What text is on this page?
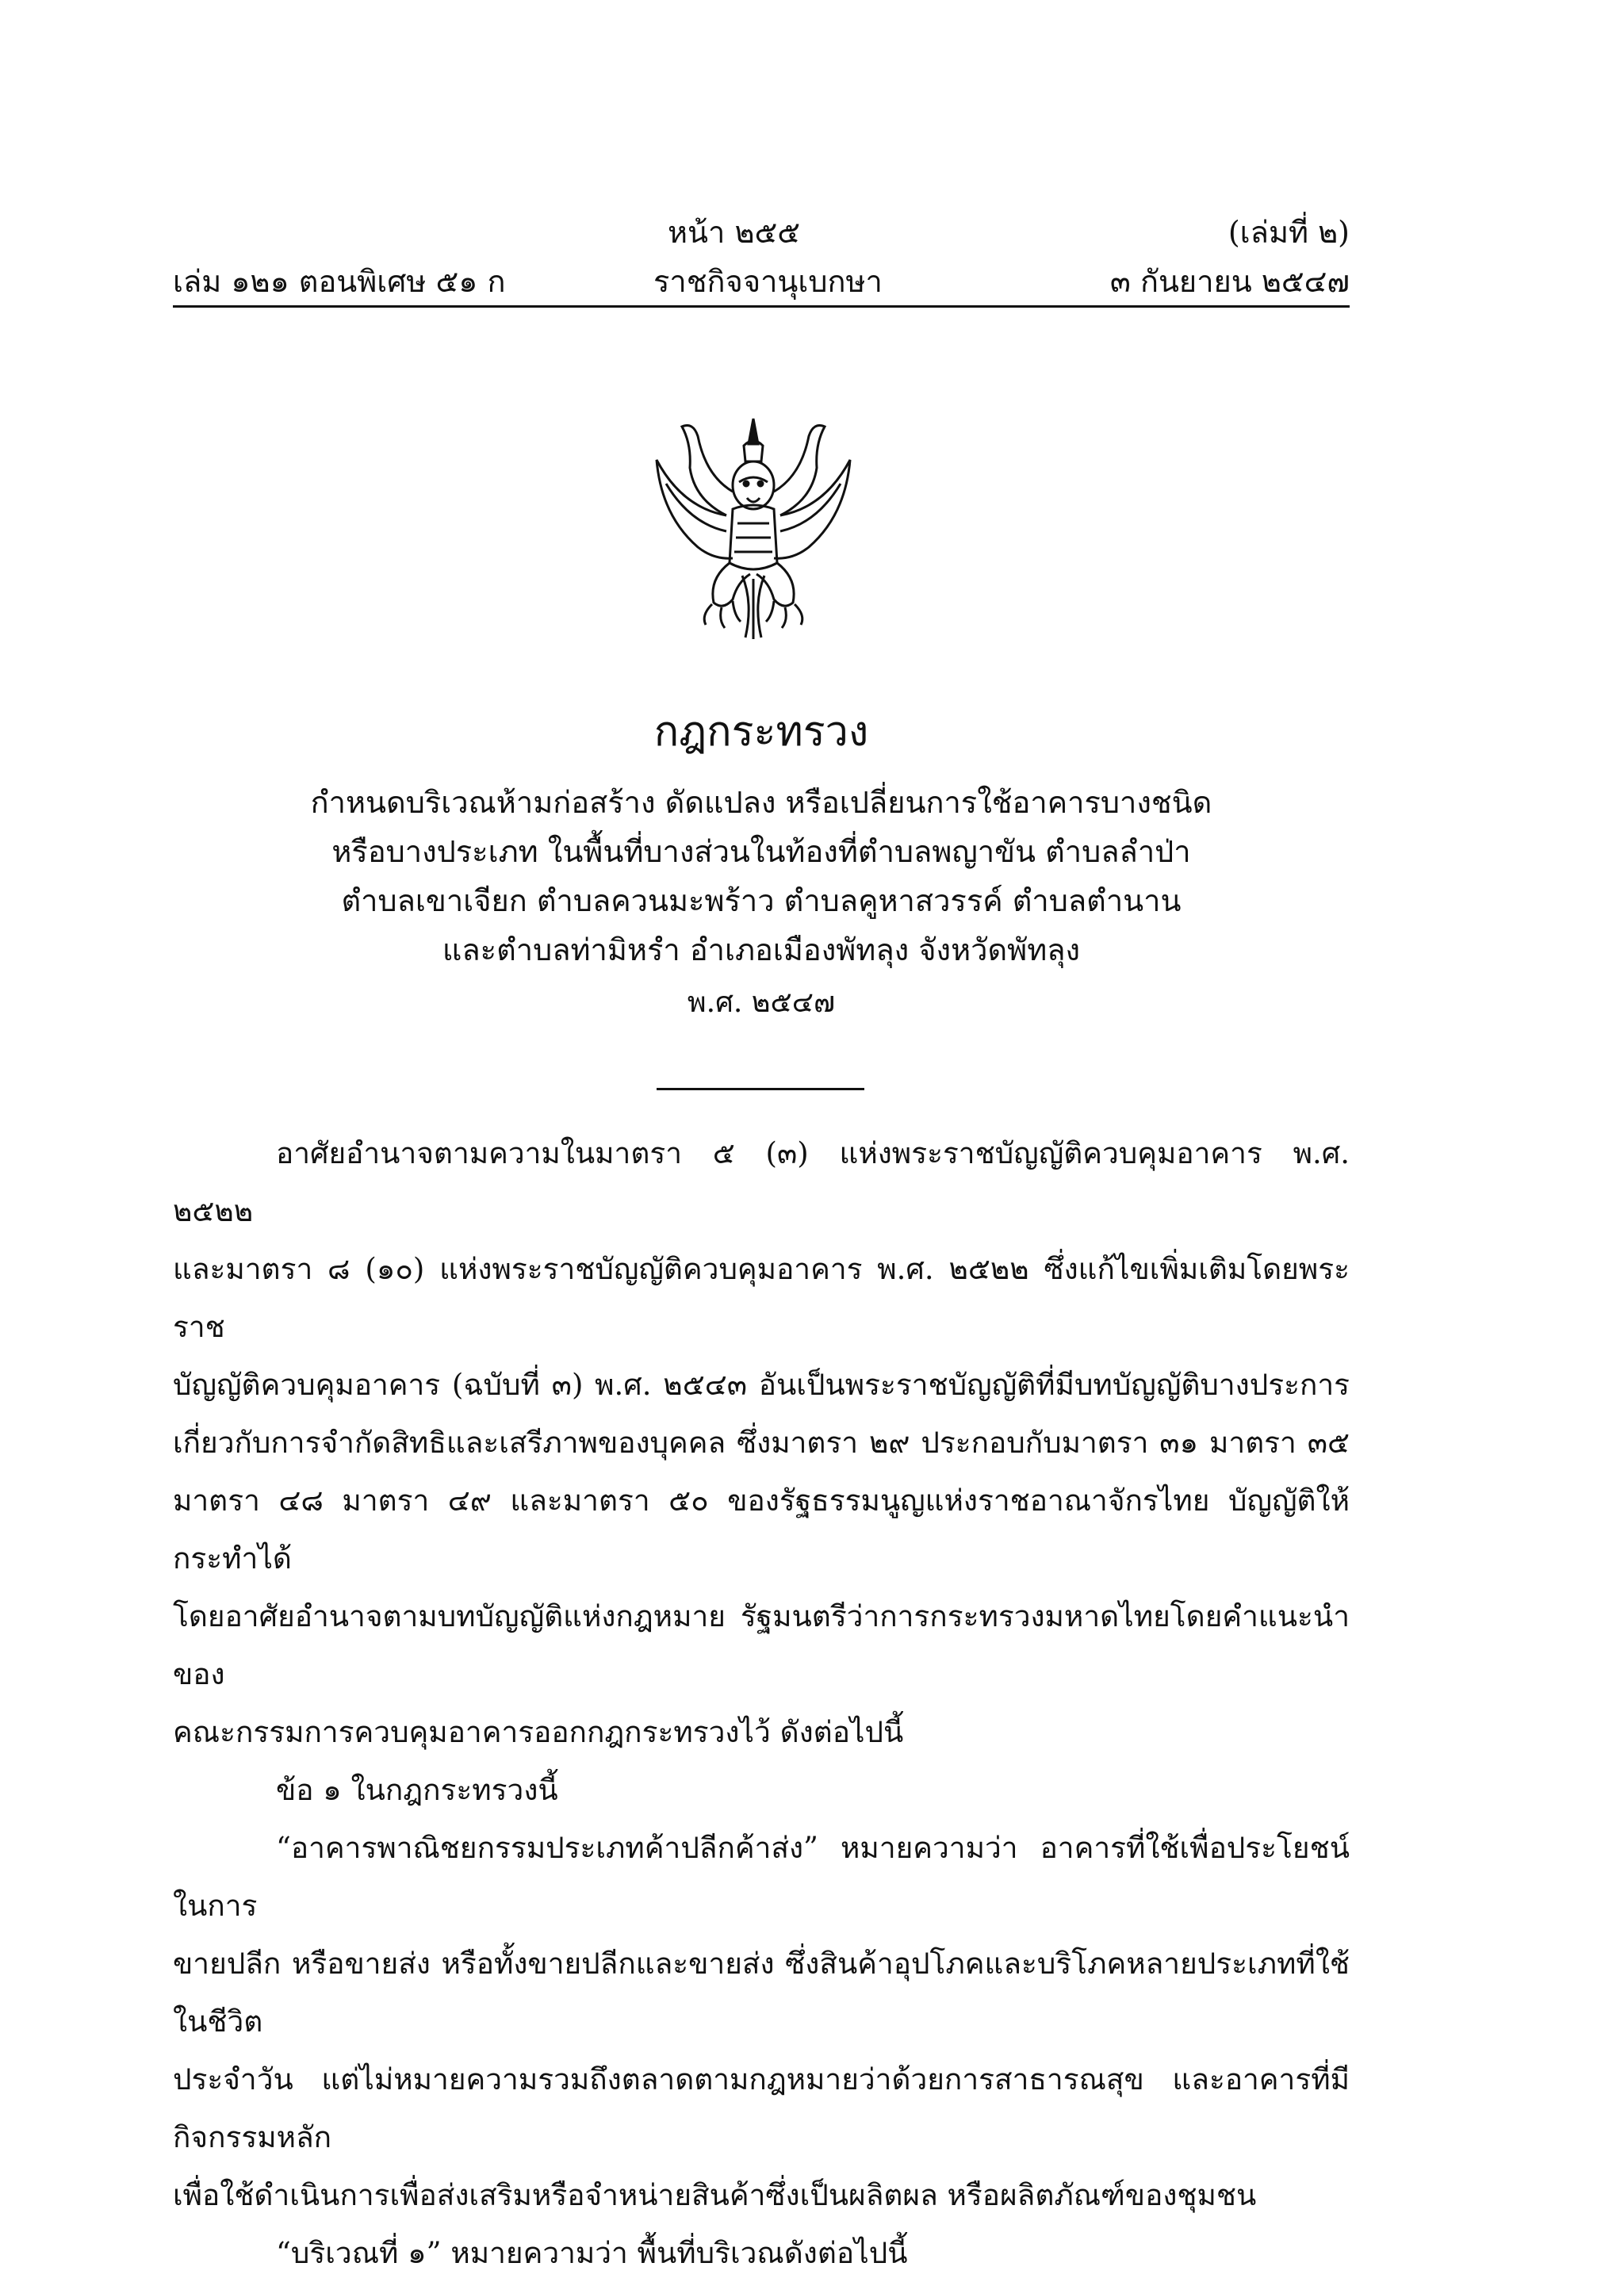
หน้า ๒๕๕	(เล่มที่ ๒)
เล่ม ๑๒๑ ตอนพิเศษ ๕๑ ก	ราชกิจจานุเบกษา	๓ กันยายน ๒๕๔๗
กฎกระทรวง
กำหนดบริเวณห้ามก่อสร้าง ดัดแปลง หรือเปลี่ยนการใช้อาคารบางชนิด
หรือบางประเภท ในพื้นที่บางส่วนในท้องที่ตำบลพญาขัน ตำบลลำป่า
ตำบลเขาเจียก ตำบลควนมะพร้าว ตำบลคูหาสวรรค์ ตำบลตำนาน
และตำบลท่ามิหรำ อำเภอเมืองพัทลุง จังหวัดพัทลุง
พ.ศ. ๒๕๔๗

อาศัยอำนาจตามความในมาตรา ๕ (๓) แห่งพระราชบัญญัติควบคุมอาคาร พ.ศ. ๒๕๒๒

และมาตรา ๘ (๑๐) แห่งพระราชบัญญัติควบคุมอาคาร พ.ศ. ๒๕๒๒ ซึ่งแก้ไขเพิ่มเติมโดยพระราช

บัญญัติควบคุมอาคาร (ฉบับที่ ๓) พ.ศ. ๒๕๔๓ อันเป็นพระราชบัญญัติที่มีบทบัญญัติบางประการ

เกี่ยวกับการจำกัดสิทธิและเสรีภาพของบุคคล ซึ่งมาตรา ๒๙ ประกอบกับมาตรา ๓๑ มาตรา ๓๕

มาตรา ๔๘ มาตรา ๔๙ และมาตรา ๕๐ ของรัฐธรรมนูญแห่งราชอาณาจักรไทย บัญญัติให้กระทำได้

โดยอาศัยอำนาจตามบทบัญญัติแห่งกฎหมาย รัฐมนตรีว่าการกระทรวงมหาดไทยโดยคำแนะนำของ

คณะกรรมการควบคุมอาคารออกกฎกระทรวงไว้ ดังต่อไปนี้

ข้อ ๑ ในกฎกระทรวงนี้

“อาคารพาณิชยกรรมประเภทค้าปลีกค้าส่ง” หมายความว่า อาคารที่ใช้เพื่อประโยชน์ในการ

ขายปลีก หรือขายส่ง หรือทั้งขายปลีกและขายส่ง ซึ่งสินค้าอุปโภคและบริโภคหลายประเภทที่ใช้ในชีวิต

ประจำวัน แต่ไม่หมายความรวมถึงตลาดตามกฎหมายว่าด้วยการสาธารณสุข และอาคารที่มีกิจกรรมหลัก

เพื่อใช้ดำเนินการเพื่อส่งเสริมหรือจำหน่ายสินค้าซึ่งเป็นผลิตผล หรือผลิตภัณฑ์ของชุมชน

“บริเวณที่ ๑” หมายความว่า พื้นที่บริเวณดังต่อไปนี้
